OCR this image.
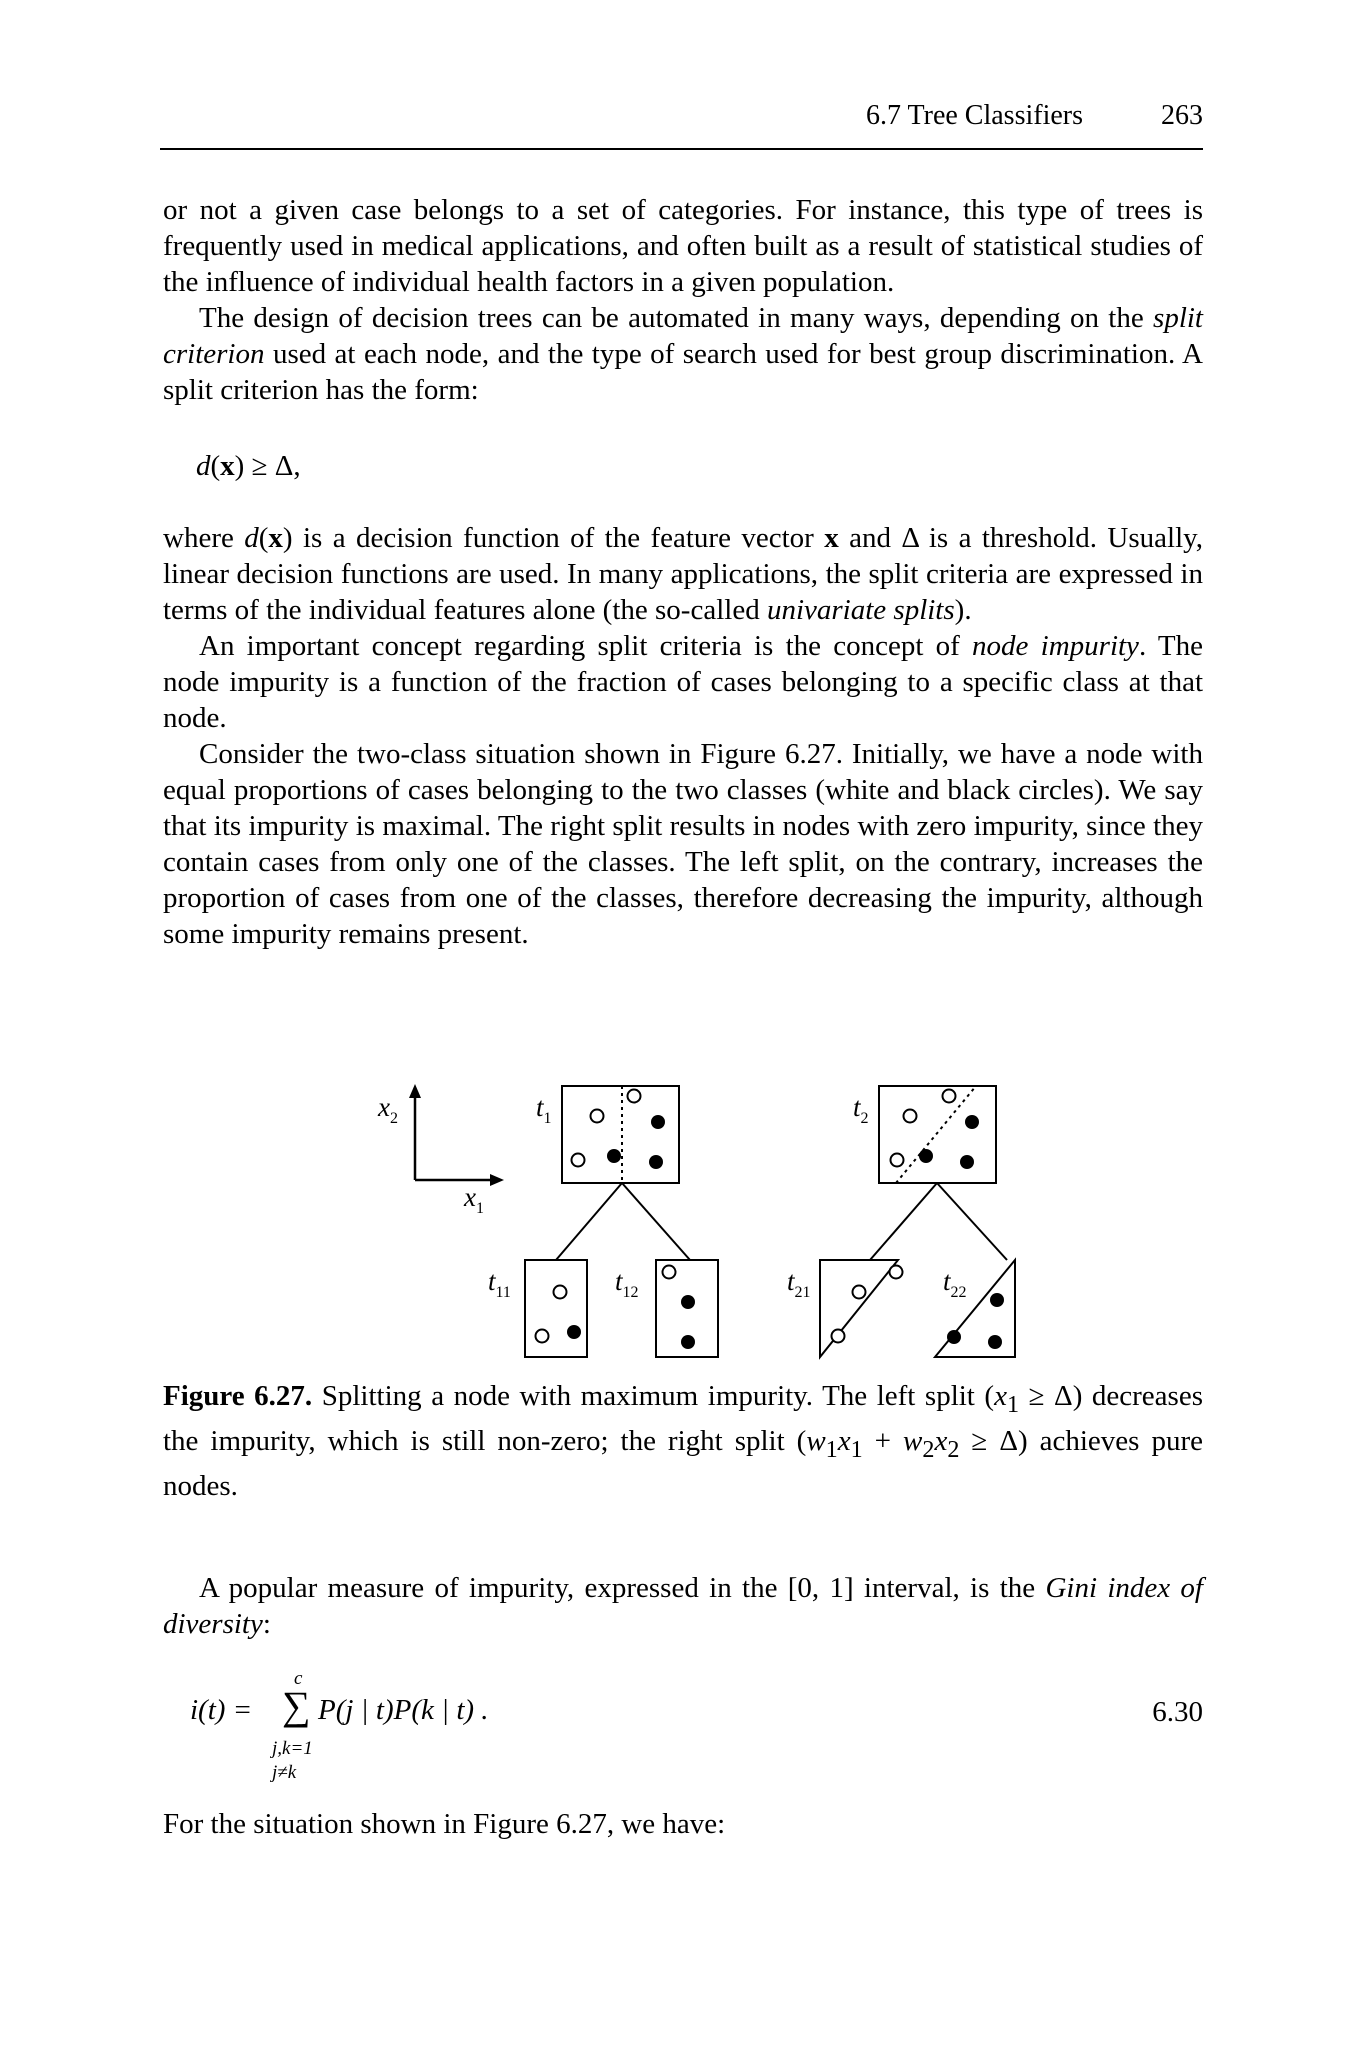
6.7 Tree Classifiers	263

or not a given case belongs to a set of categories. For instance, this type of trees is frequently used in medical applications, and often built as a result of statistical studies of the influence of individual health factors in a given population.

The design of decision trees can be automated in many ways, depending on the split criterion used at each node, and the type of search used for best group discrimination. A split criterion has the form:

d(x) ≥ Δ,

where d(x) is a decision function of the feature vector x and Δ is a threshold. Usually, linear decision functions are used. In many applications, the split criteria are expressed in terms of the individual features alone (the so-called univariate splits).

An important concept regarding split criteria is the concept of node impurity. The node impurity is a function of the fraction of cases belonging to a specific class at that node.

Consider the two-class situation shown in Figure 6.27. Initially, we have a node with equal proportions of cases belonging to the two classes (white and black circles). We say that its impurity is maximal. The right split results in nodes with zero impurity, since they contain cases from only one of the classes. The left split, on the contrary, increases the proportion of cases from one of the classes, therefore decreasing the impurity, although some impurity remains present.

$x_2$
$x_1$
$t_1$	$t_2$
$t_{11}$	$t_{12}$	$t_{21}$	$t_{22}$
Figure 6.27. Splitting a node with maximum impurity. The left split $(x_1 \ge \Delta)$ decreases the impurity, which is still non-zero; the right split $(w_1x_1 + w_2x_2 \ge \Delta)$ achieves pure nodes.

A popular measure of impurity, expressed in the [0, 1] interval, is the Gini index of diversity:

i(t) =
c
∑ P(j | t)P(k | t) .
j,k=1
j≠k
6.30

For the situation shown in Figure 6.27, we have:
